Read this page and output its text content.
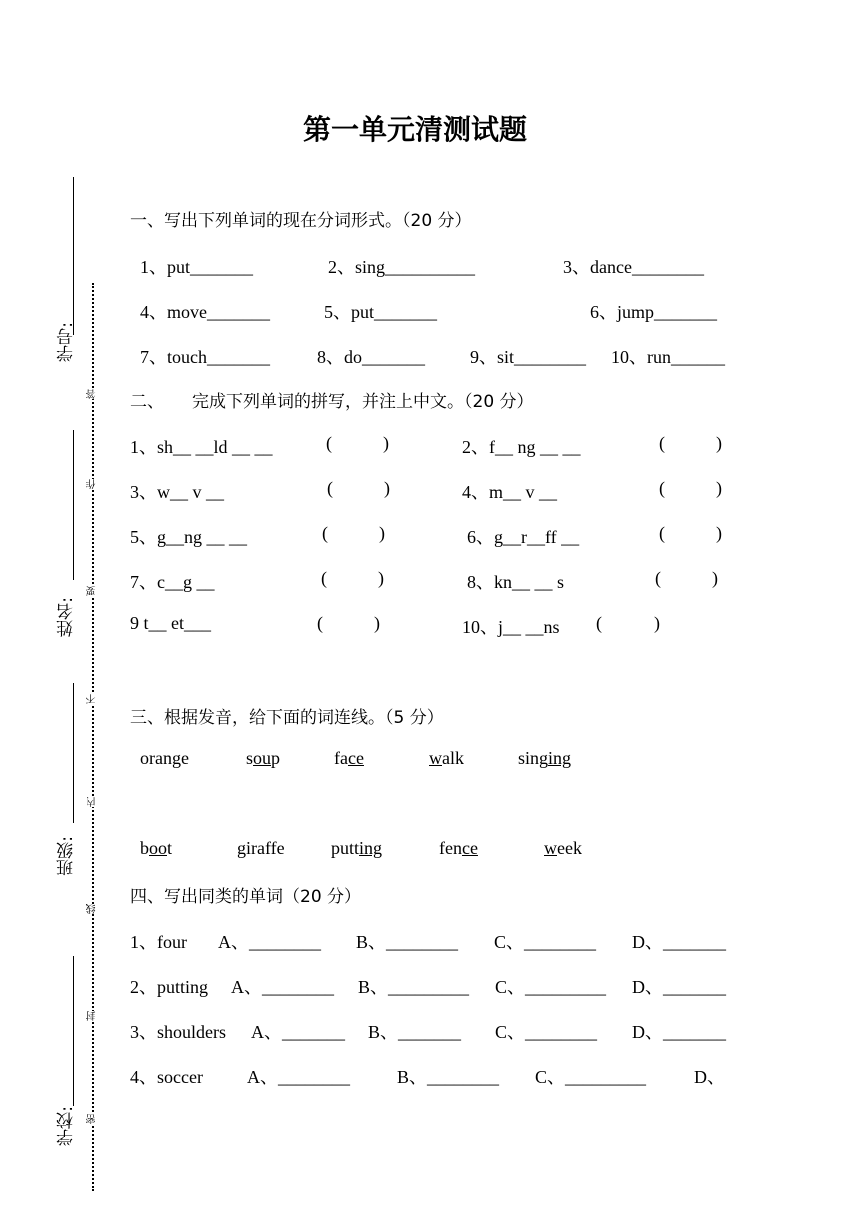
学号:
姓名:
班级:
学校:
答
作
要
不
内
线
封
密
第一单元清测试题
一、写出下列单词的现在分词形式。（20 分）
1、put_______	2、sing__________	3、dance________
4、move_______	5、put_______	6、jump_______
7、touch_______	8、do_______	9、sit________ 10、run______
二、 完成下列单词的拼写，并注上中文。（20 分）
1、sh__ __ld __ __	(	)	2、f__ ng __ __	(	)
3、w__ v __	(	)	4、m__ v __	(	)
5、g__ng __ __	(	)	6、g__r__ff __	(	)
7、c__g __	(	)	8、kn__ __ s	(	)
9 t__ et___	(	)	10、j__ __ns (	)
三、根据发音，给下面的词连线。（5 分）
orange	soup	face	walk	singing
boot	giraffe	putting	fence	week
四、写出同类的单词（20 分）
1、four A、________ B、________ C、________ D、_______
2、putting A、________ B、_________ C、_________ D、_______
3、shoulders A、_______ B、_______ C、________ D、_______
4、soccer A、________	B、________ C、_________	D、
